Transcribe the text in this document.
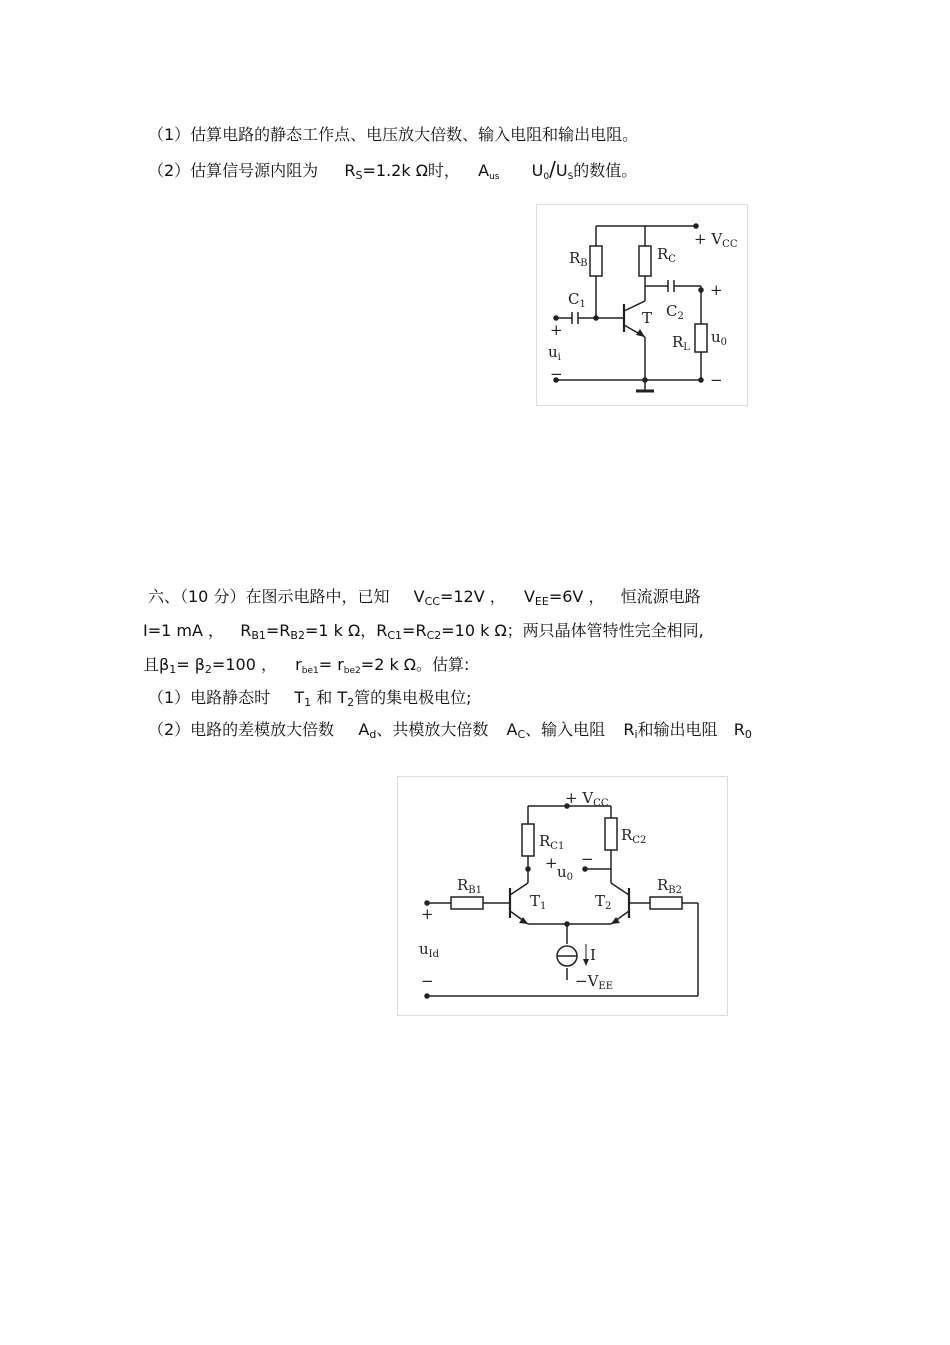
（1）估算电路的静态工作点、电压放大倍数、输入电阻和输出电阻。
（2）估算信号源内阻为 RS=1.2k Ω时， Aus U0/US的数值。
+ $V_{CC}$
$R_B$
$R_C$
$C_1$	$C_2$
T
$R_L$
$u_0$
$u_i$
+
−
+
−
六、（10 分）在图示电路中，已知 VCC=12V ， VEE=6V ， 恒流源电路
I=1 mA ， RB1=RB2=1 k Ω，RC1=RC2=10 k Ω；两只晶体管特性完全相同,
且β1= β2=100 ， rbe1= rbe2=2 k Ω。估算:
（1）电路静态时 T1 和 T2管的集电极电位;
（2）电路的差模放大倍数 Ad、共模放大倍数 AC、输入电阻 Ri和输出电阻 R0
+ $V_{CC}$
$R_{C1}$
$R_{C2}$
+ $u_0$
−
$R_{B1}$	$R_{B2}$
$T_1$	$T_2$
+
$u_{Id}$
−
I
$-V_{EE}$
